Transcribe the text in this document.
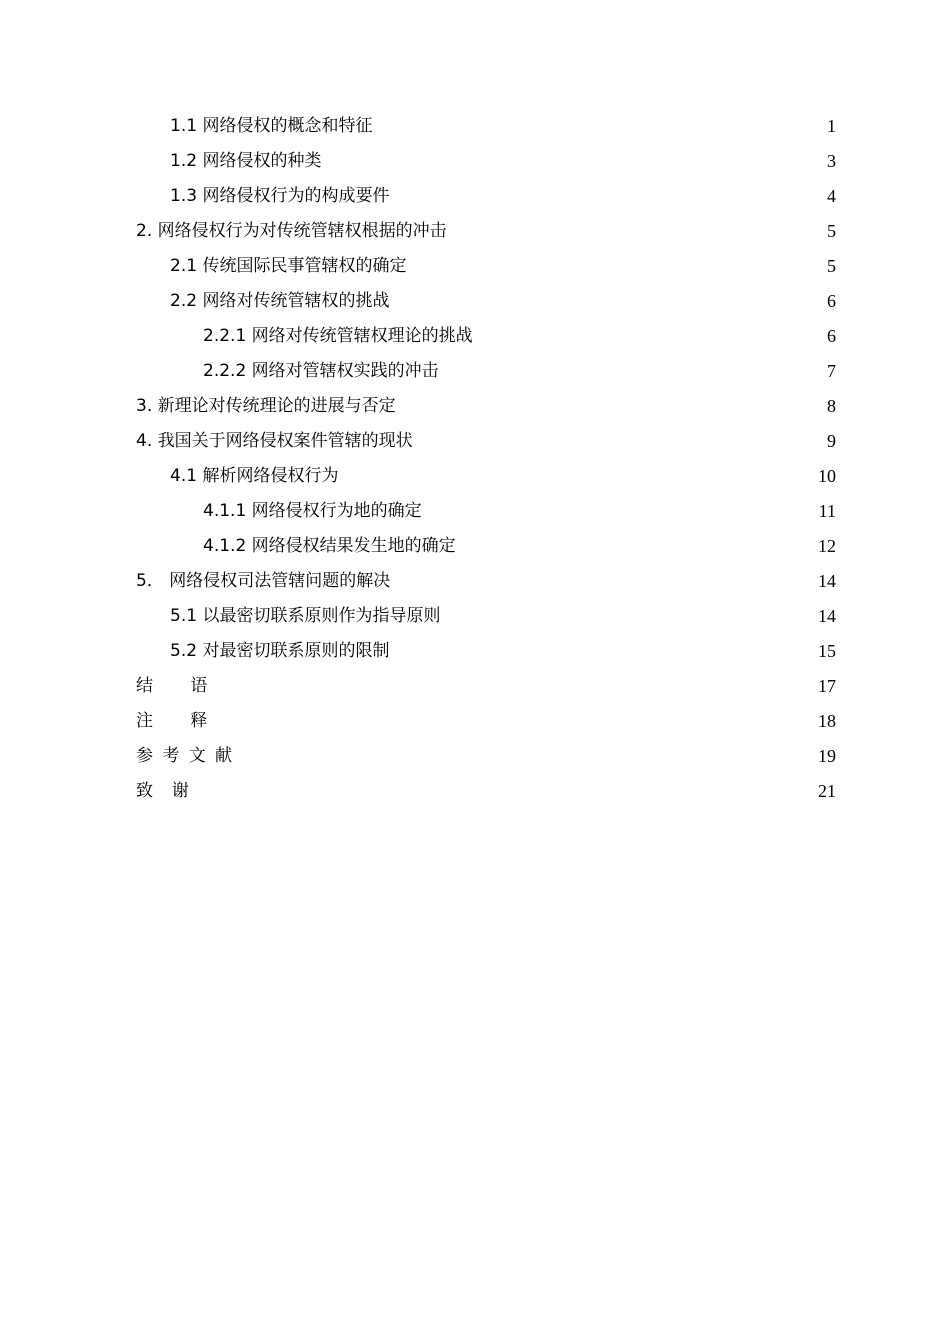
1.1 网络侵权的概念和特征	1
1.2 网络侵权的种类	3
1.3 网络侵权行为的构成要件	4
2. 网络侵权行为对传统管辖权根据的冲击	5
2.1 传统国际民事管辖权的确定	5
2.2 网络对传统管辖权的挑战	6
2.2.1 网络对传统管辖权理论的挑战	6
2.2.2 网络对管辖权实践的冲击	7
3. 新理论对传统理论的进展与否定	8
4. 我国关于网络侵权案件管辖的现状	9
4.1 解析网络侵权行为	10
4.1.1 网络侵权行为地的确定	11
4.1.2 网络侵权结果发生地的确定	12
5． 网络侵权司法管辖问题的解决	14
5.1 以最密切联系原则作为指导原则	14
5.2 对最密切联系原则的限制	15
结语	17
注释	18
参考文献	19
致谢	21
